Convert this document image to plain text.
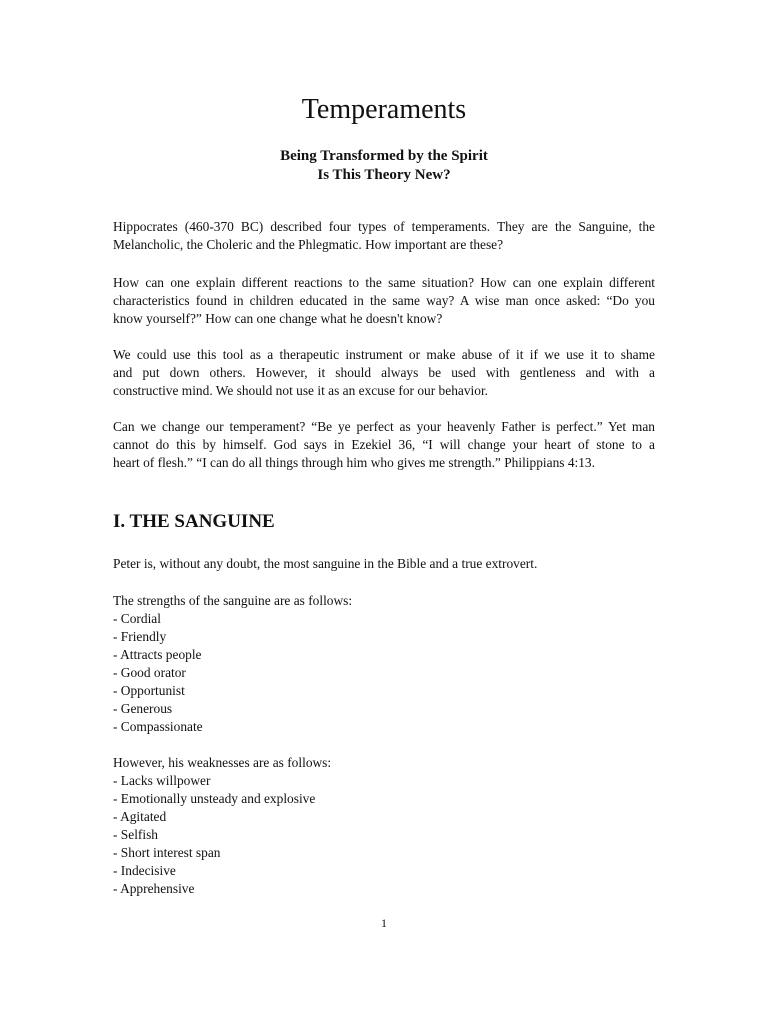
Temperaments
Being Transformed by the Spirit
Is This Theory New?

Hippocrates (460-370 BC) described four types of temperaments. They are the Sanguine, the
Melancholic, the Choleric and the Phlegmatic. How important are these?

How can one explain different reactions to the same situation? How can one explain different
characteristics found in children educated in the same way? A wise man once asked: “Do you
know yourself?” How can one change what he doesn't know?

We could use this tool as a therapeutic instrument or make abuse of it if we use it to shame
and put down others. However, it should always be used with gentleness and with a
constructive mind. We should not use it as an excuse for our behavior.

Can we change our temperament? “Be ye perfect as your heavenly Father is perfect.” Yet man
cannot do this by himself. God says in Ezekiel 36, “I will change your heart of stone to a
heart of flesh.” “I can do all things through him who gives me strength.” Philippians 4:13.

I. THE SANGUINE

Peter is, without any doubt, the most sanguine in the Bible and a true extrovert.

The strengths of the sanguine are as follows:

- Cordial
- Friendly
- Attracts people
- Good orator
- Opportunist
- Generous
- Compassionate

However, his weaknesses are as follows:

- Lacks willpower
- Emotionally unsteady and explosive
- Agitated
- Selfish
- Short interest span
- Indecisive
- Apprehensive
1
